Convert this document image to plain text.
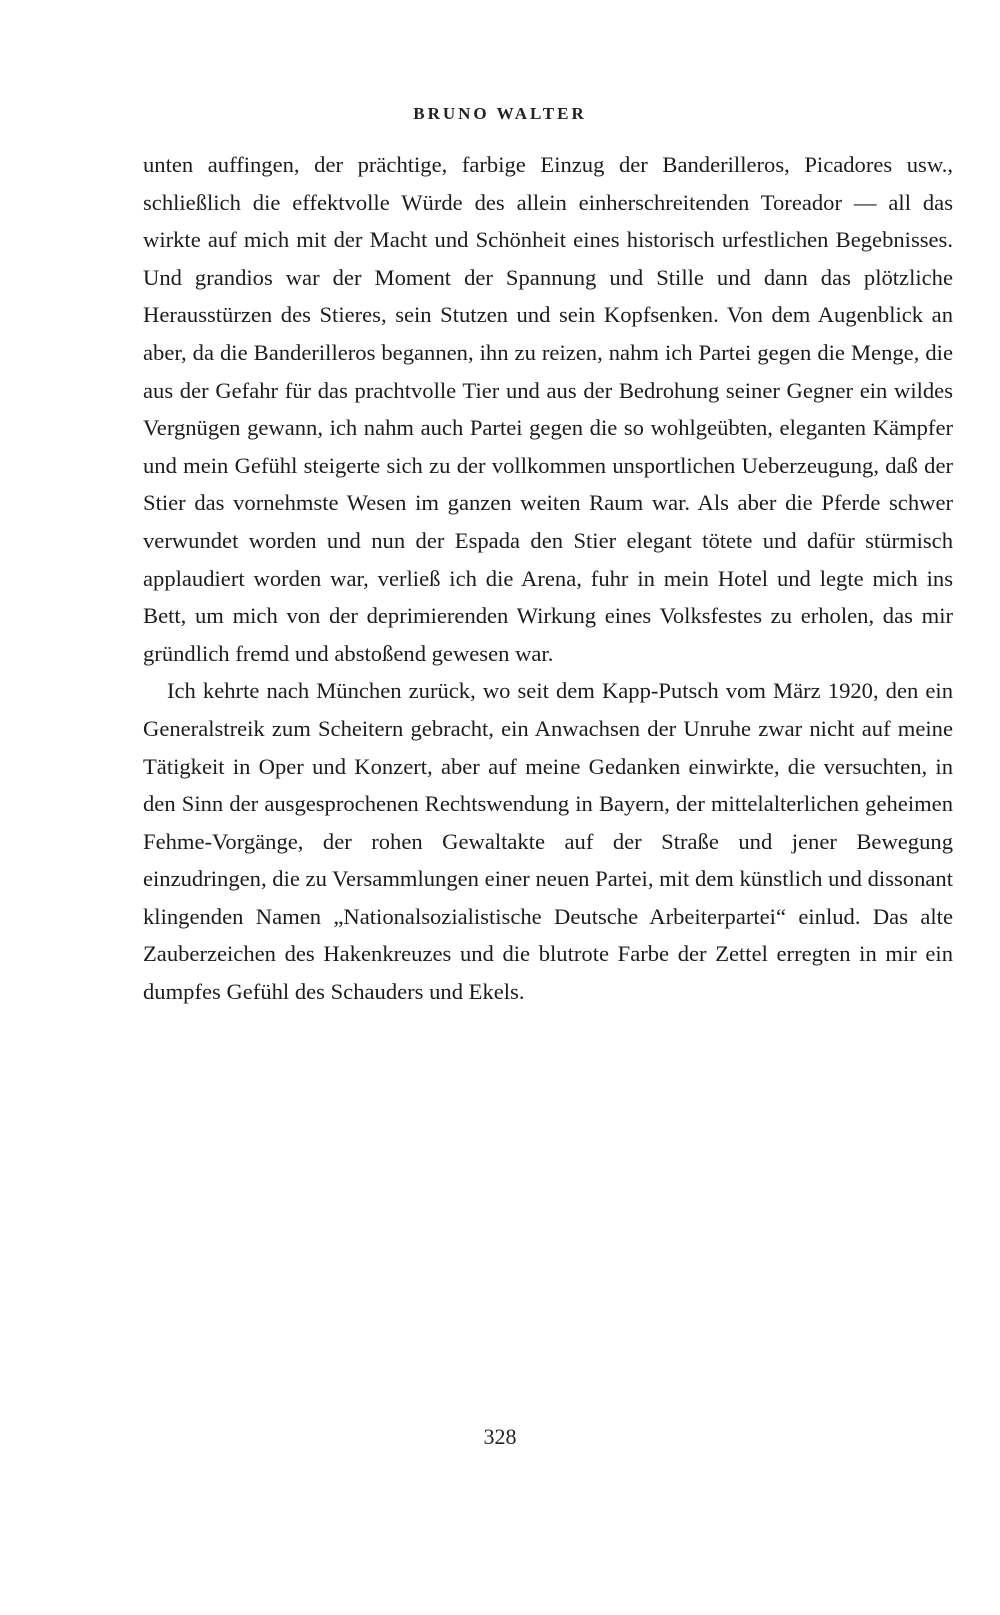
BRUNO WALTER

unten auffingen, der prächtige, farbige Einzug der Banderilleros, Picadores usw., schließlich die effektvolle Würde des allein einherschreitenden Toreador — all das wirkte auf mich mit der Macht und Schönheit eines historisch urfestlichen Begebnisses. Und grandios war der Moment der Spannung und Stille und dann das plötzliche Herausstürzen des Stieres, sein Stutzen und sein Kopfsenken. Von dem Augenblick an aber, da die Banderilleros begannen, ihn zu reizen, nahm ich Partei gegen die Menge, die aus der Gefahr für das prachtvolle Tier und aus der Bedrohung seiner Gegner ein wildes Vergnügen gewann, ich nahm auch Partei gegen die so wohlgeübten, eleganten Kämpfer und mein Gefühl steigerte sich zu der vollkommen unsportlichen Ueberzeugung, daß der Stier das vornehmste Wesen im ganzen weiten Raum war. Als aber die Pferde schwer verwundet worden und nun der Espada den Stier elegant tötete und dafür stürmisch applaudiert worden war, verließ ich die Arena, fuhr in mein Hotel und legte mich ins Bett, um mich von der deprimierenden Wirkung eines Volksfestes zu erholen, das mir gründlich fremd und abstoßend gewesen war.

Ich kehrte nach München zurück, wo seit dem Kapp-Putsch vom März 1920, den ein Generalstreik zum Scheitern gebracht, ein Anwachsen der Unruhe zwar nicht auf meine Tätigkeit in Oper und Konzert, aber auf meine Gedanken einwirkte, die versuchten, in den Sinn der ausgesprochenen Rechtswendung in Bayern, der mittelalterlichen geheimen Fehme-Vorgänge, der rohen Gewaltakte auf der Straße und jener Bewegung einzudringen, die zu Versammlungen einer neuen Partei, mit dem künstlich und dissonant klingenden Namen „Nationalsozialistische Deutsche Arbeiterpartei“ einlud. Das alte Zauberzeichen des Hakenkreuzes und die blutrote Farbe der Zettel erregten in mir ein dumpfes Gefühl des Schauders und Ekels.

328
